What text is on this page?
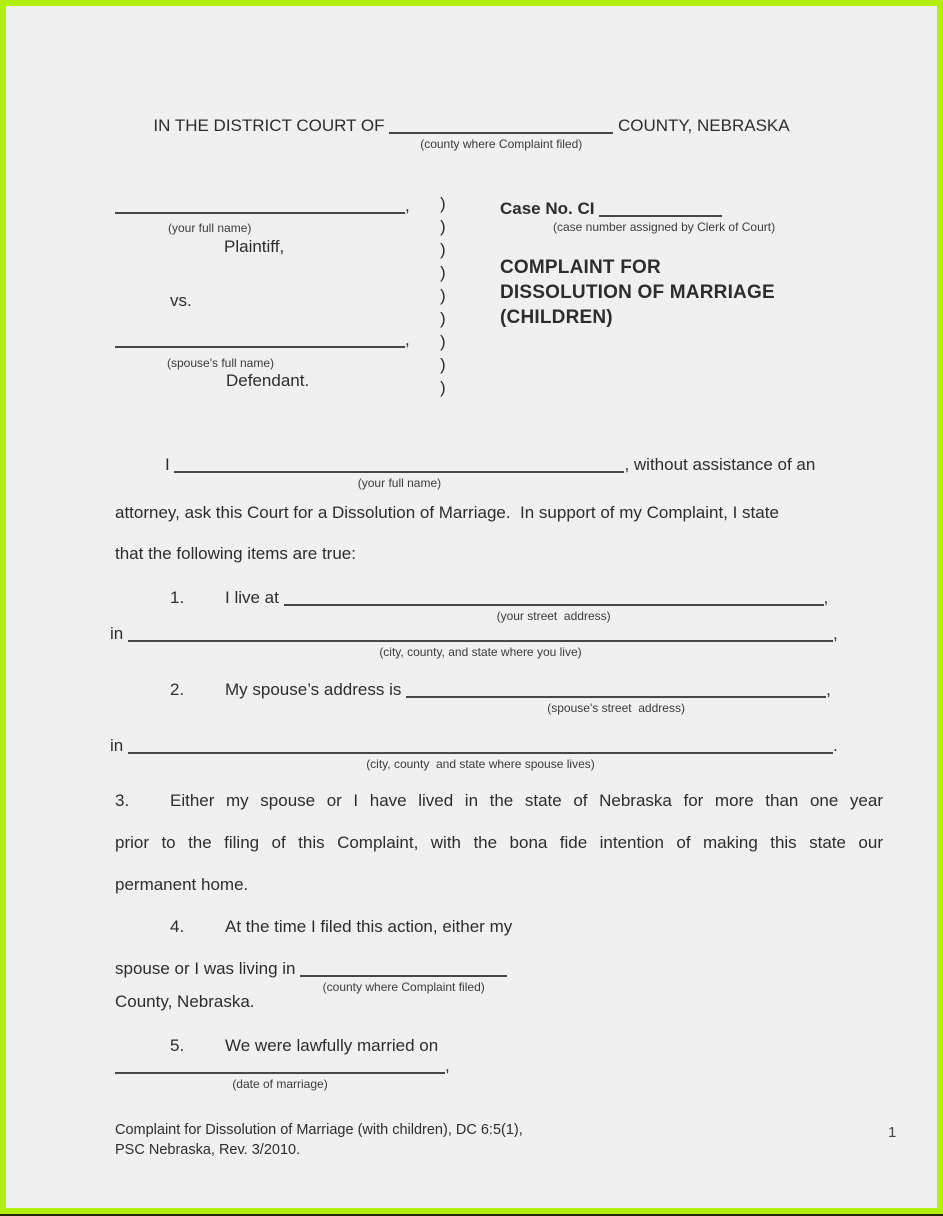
IN THE DISTRICT COURT OF
(county where Complaint filed)
COUNTY, NEBRASKA
,
(your full name)
Plaintiff,
vs.
,
(spouse's full name)
Defendant.
)
)
)
)
)
)
)
)
)
Case No. CI
(case number assigned by Clerk of Court)
COMPLAINT FOR
DISSOLUTION OF MARRIAGE
(CHILDREN)
I
(your full name)
, without assistance of an
attorney, ask this Court for a Dissolution of Marriage.  In support of my Complaint, I state
that the following items are true:
1. I live at
(your street  address)
,
in
(city, county, and state where you live)
,
2. My spouse’s address is
(spouse's street  address)
,
in
(city, county  and state where spouse lives)
.
3. Either my spouse or I have lived in the state of Nebraska for more than one year
prior to the filing of this Complaint, with the bona fide intention of making this state our
permanent home.
4. At the time I filed this action, either my
spouse or I was living in
(county where Complaint filed)
County, Nebraska.
5. We were lawfully married on
(date of marriage)
,
Complaint for Dissolution of Marriage (with children), DC 6:5(1),
PSC Nebraska, Rev. 3/2010.
1
